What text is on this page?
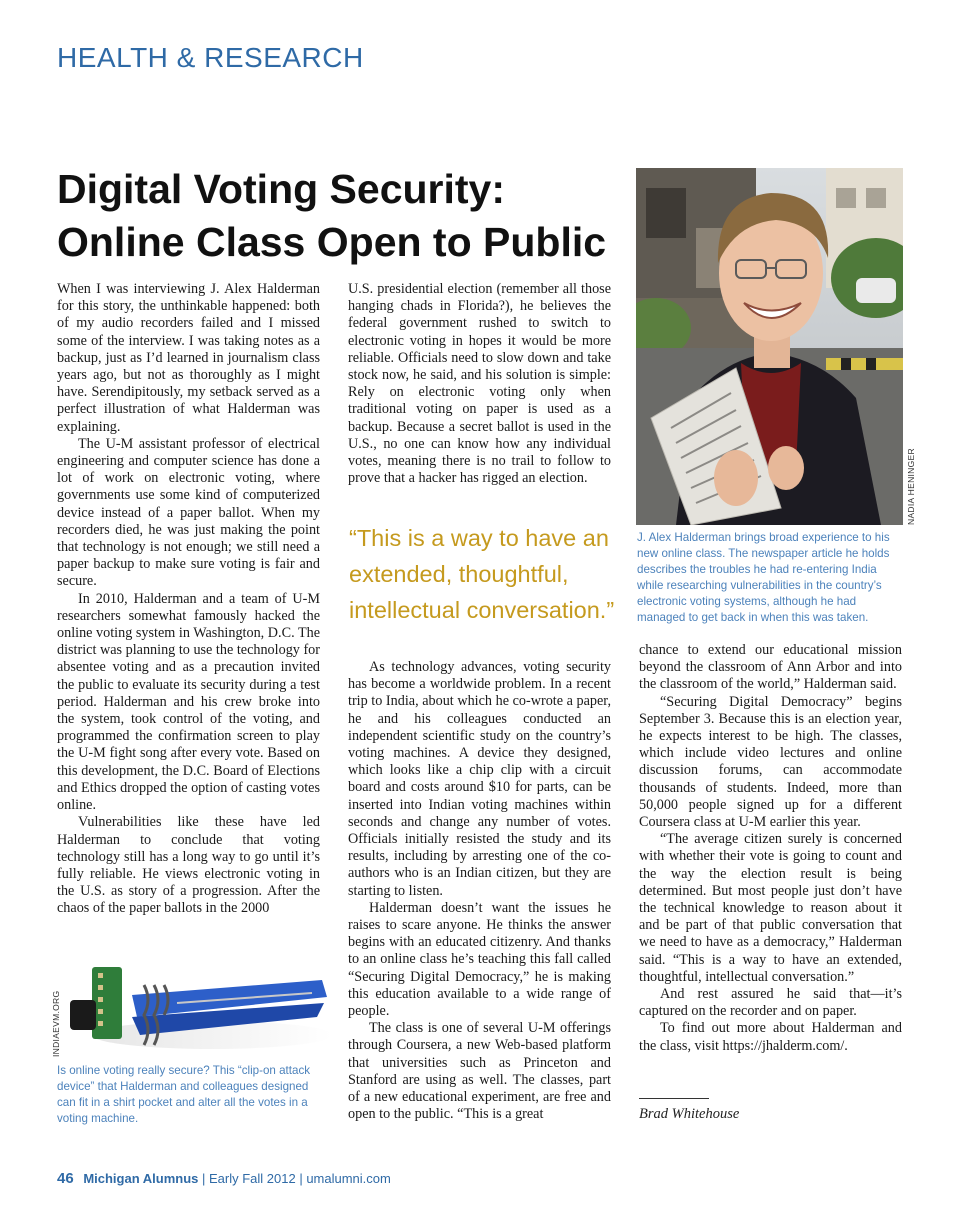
HEALTH & RESEARCH
Digital Voting Security:
Online Class Open to Public

When I was interviewing J. Alex Halderman for this story, the unthinkable happened: both of my audio recorders failed and I missed some of the interview. I was taking notes as a backup, just as I’d learned in journalism class years ago, but not as thoroughly as I might have. Serendipitously, my setback served as a perfect illustration of what Halderman was explaining.

The U-M assistant professor of electrical engineering and computer science has done a lot of work on electronic voting, where governments use some kind of computerized device instead of a paper ballot. When my recorders died, he was just making the point that technology is not enough; we still need a paper backup to make sure voting is fair and secure.

In 2010, Halderman and a team of U-M researchers somewhat famously hacked the online voting system in Washington, D.C. The district was planning to use the technology for absentee voting and as a precaution invited the public to evaluate its security during a test period. Halderman and his crew broke into the system, took control of the voting, and programmed the confirmation screen to play the U-M fight song after every vote. Based on this development, the D.C. Board of Elections and Ethics dropped the option of casting votes online.

Vulnerabilities like these have led Halderman to conclude that voting technology still has a long way to go until it’s fully reliable. He views electronic voting in the U.S. as story of a progression. After the chaos of the paper ballots in the 2000

U.S. presidential election (remember all those hanging chads in Florida?), he believes the federal government rushed to switch to electronic voting in hopes it would be more reliable. Officials need to slow down and take stock now, he said, and his solution is simple: Rely on electronic voting only when traditional voting on paper is used as a backup. Because a secret ballot is used in the U.S., no one can know how any individual votes, meaning there is no trail to follow to prove that a hacker has rigged an election.

“This is a way to have an extended, thoughtful, intellectual conversation.”

As technology advances, voting security has become a worldwide problem. In a recent trip to India, about which he co-wrote a paper, he and his colleagues conducted an independent scientific study on the country’s voting machines. A device they designed, which looks like a chip clip with a circuit board and costs around $10 for parts, can be inserted into Indian voting machines within seconds and change any number of votes. Officials initially resisted the study and its results, including by arresting one of the co-authors who is an Indian citizen, but they are starting to listen.

Halderman doesn’t want the issues he raises to scare anyone. He thinks the answer begins with an educated citizenry. And thanks to an online class he’s teaching this fall called “Securing Digital Democracy,” he is making this education available to a wide range of people.

The class is one of several U-M offerings through Coursera, a new Web-based platform that universities such as Princeton and Stanford are using as well. The classes, part of a new educational experiment, are free and open to the public. “This is a great

NADIA HENINGER
J. Alex Halderman brings broad experience to his new online class. The newspaper article he holds describes the troubles he had re-entering India while researching vulnerabilities in the country’s electronic voting systems, although he had managed to get back in when this was taken.

chance to extend our educational mission beyond the classroom of Ann Arbor and into the classroom of the world,” Halderman said.

“Securing Digital Democracy” begins September 3. Because this is an election year, he expects interest to be high. The classes, which include video lectures and online discussion forums, can accommodate thousands of students. Indeed, more than 50,000 people signed up for a different Coursera class at U-M earlier this year.

“The average citizen surely is concerned with whether their vote is going to count and the way the election result is being determined. But most people just don’t have the technical knowledge to reason about it and be part of that public conversation that we need to have as a democracy,” Halderman said. “This is a way to have an extended, thoughtful, intellectual conversation.”

And rest assured he said that—it’s captured on the recorder and on paper.

To find out more about Halderman and the class, visit https://jhalderm.com/.

Brad Whitehouse
INDIAEVM.ORG
Is online voting really secure? This “clip-on attack device” that Halderman and colleagues designed can fit in a shirt pocket and alter all the votes in a voting machine.
46 Michigan Alumnus | Early Fall 2012 | umalumni.com
